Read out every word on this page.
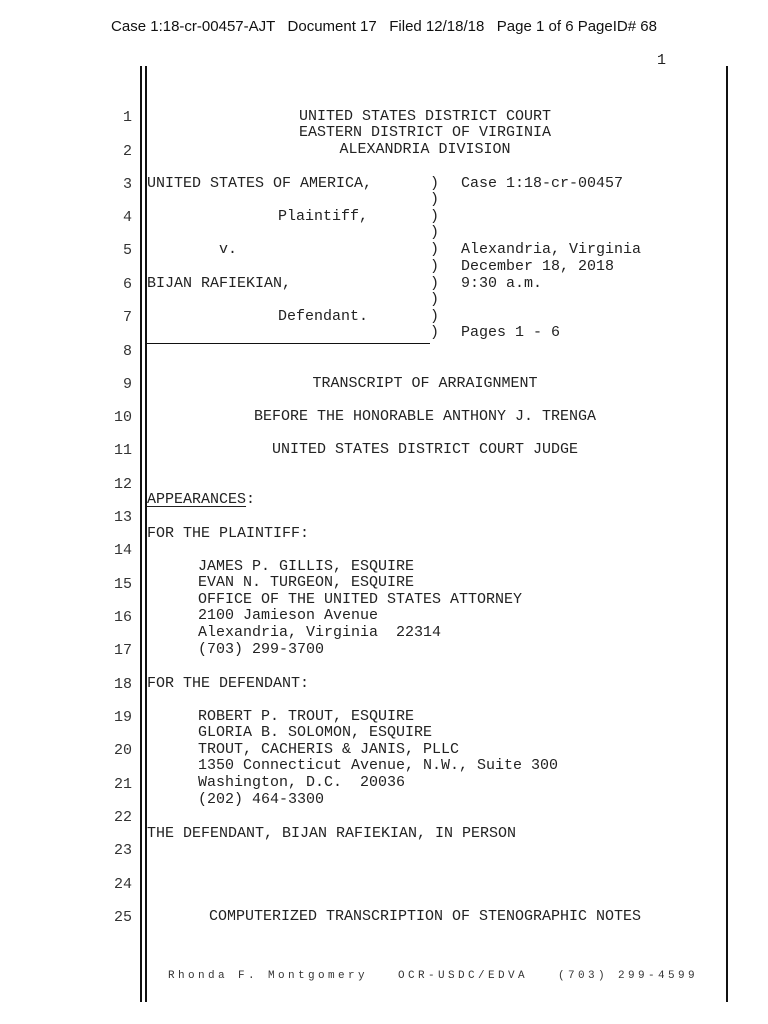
Case 1:18-cr-00457-AJT   Document 17   Filed 12/18/18   Page 1 of 6 PageID# 68
1
1
2
3
4
5
6
7
8
9
10
11
12
13
14
15
16
17
18
19
20
21
22
23
24
25
UNITED STATES DISTRICT COURT
EASTERN DISTRICT OF VIRGINIA
ALEXANDRIA DIVISION
UNITED STATES OF AMERICA,
Plaintiff,
v.
BIJAN RAFIEKIAN,
Defendant.
)
)
)
)
)
)
)
)
)
)
Case 1:18-cr-00457
Alexandria, Virginia
December 18, 2018
9:30 a.m.
Pages 1 - 6
TRANSCRIPT OF ARRAIGNMENT
BEFORE THE HONORABLE ANTHONY J. TRENGA
UNITED STATES DISTRICT COURT JUDGE
APPEARANCES:
FOR THE PLAINTIFF:
JAMES P. GILLIS, ESQUIRE
EVAN N. TURGEON, ESQUIRE
OFFICE OF THE UNITED STATES ATTORNEY
2100 Jamieson Avenue
Alexandria, Virginia  22314
(703) 299-3700
FOR THE DEFENDANT:
ROBERT P. TROUT, ESQUIRE
GLORIA B. SOLOMON, ESQUIRE
TROUT, CACHERIS & JANIS, PLLC
1350 Connecticut Avenue, N.W., Suite 300
Washington, D.C.  20036
(202) 464-3300
THE DEFENDANT, BIJAN RAFIEKIAN, IN PERSON
COMPUTERIZED TRANSCRIPTION OF STENOGRAPHIC NOTES
Rhonda F. Montgomery   OCR-USDC/EDVA   (703) 299-4599
